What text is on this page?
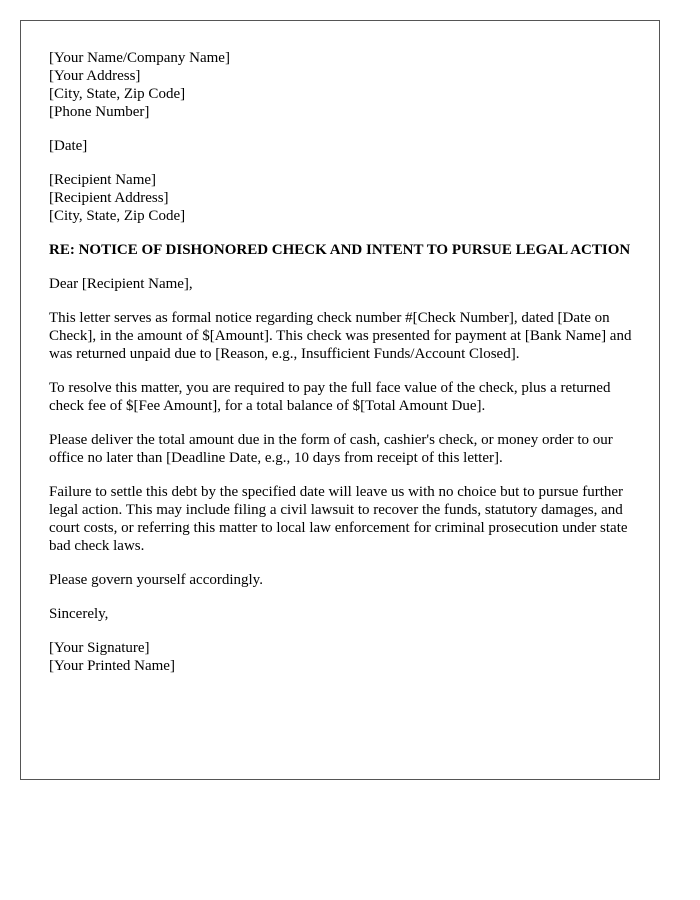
[Your Name/Company Name]
[Your Address]
[City, State, Zip Code]
[Phone Number]
[Date]
[Recipient Name]
[Recipient Address]
[City, State, Zip Code]

RE: NOTICE OF DISHONORED CHECK AND INTENT TO PURSUE LEGAL ACTION

Dear [Recipient Name],

This letter serves as formal notice regarding check number #[Check Number], dated [Date on Check], in the amount of $[Amount]. This check was presented for payment at [Bank Name] and was returned unpaid due to [Reason, e.g., Insufficient Funds/Account Closed].

To resolve this matter, you are required to pay the full face value of the check, plus a returned check fee of $[Fee Amount], for a total balance of $[Total Amount Due].

Please deliver the total amount due in the form of cash, cashier's check, or money order to our office no later than [Deadline Date, e.g., 10 days from receipt of this letter].

Failure to settle this debt by the specified date will leave us with no choice but to pursue further legal action. This may include filing a civil lawsuit to recover the funds, statutory damages, and court costs, or referring this matter to local law enforcement for criminal prosecution under state bad check laws.

Please govern yourself accordingly.

Sincerely,

[Your Signature]
[Your Printed Name]
